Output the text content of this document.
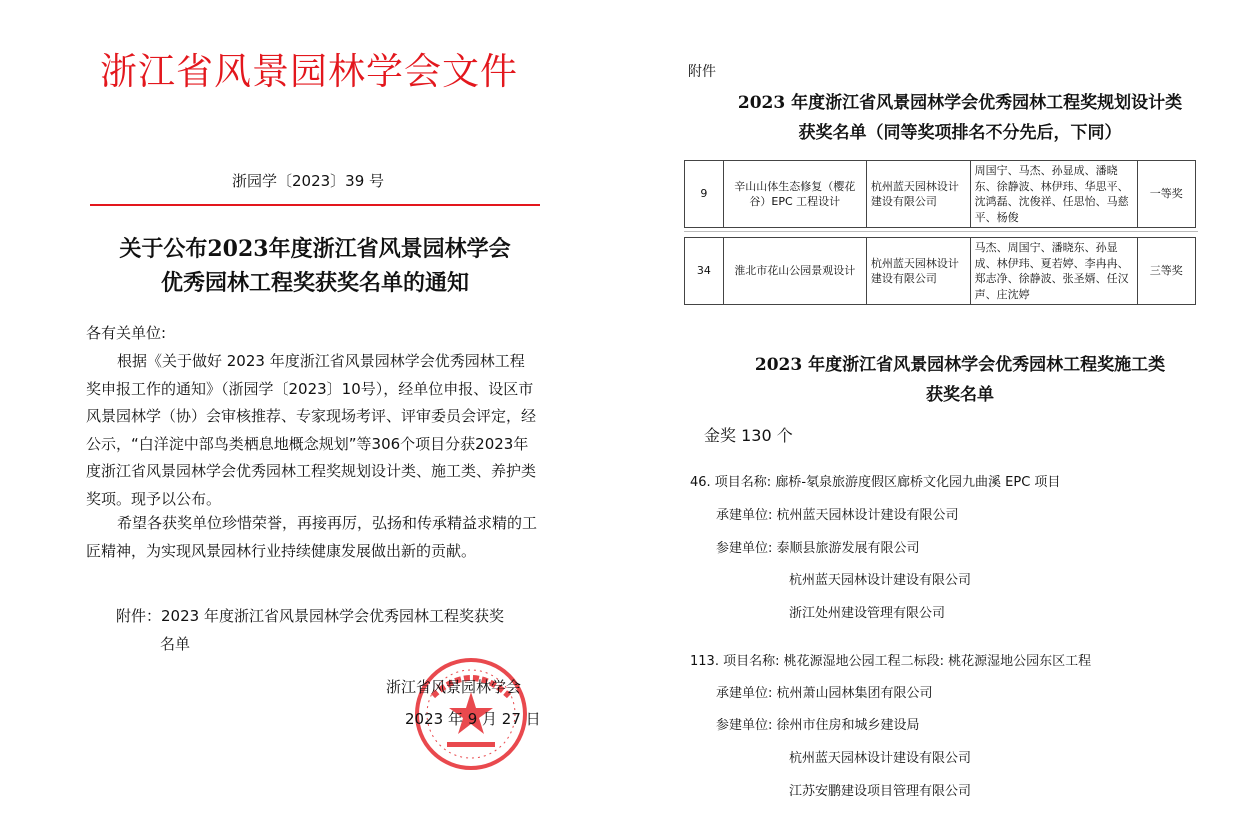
浙江省风景园林学会文件
浙园学〔2023〕39 号
关于公布2023年度浙江省风景园林学会
优秀园林工程奖获奖名单的通知
各有关单位:
根据《关于做好 2023 年度浙江省风景园林学会优秀园林工程奖申报工作的通知》（浙园学〔2023〕10号），经单位申报、设区市风景园林学（协）会审核推荐、专家现场考评、评审委员会评定，经公示，“白洋淀中部鸟类栖息地概念规划”等306个项目分获2023年度浙江省风景园林学会优秀园林工程奖规划设计类、施工类、养护类奖项。现予以公布。
希望各获奖单位珍惜荣誉，再接再厉，弘扬和传承精益求精的工匠精神，为实现风景园林行业持续健康发展做出新的贡献。
附件：2023 年度浙江省风景园林学会优秀园林工程奖获奖
名单
浙江省风景园林学会
2023 年 9 月 27 日
附件
2023 年度浙江省风景园林学会优秀园林工程奖规划设计类
获奖名单（同等奖项排名不分先后，下同）
9	辛山山体生态修复（樱花谷）EPC 工程设计	杭州蓝天园林设计建设有限公司	周国宁、马杰、孙显成、潘晓东、徐静波、林伊玮、华思平、沈鸿磊、沈俊祥、任思怡、马慈平、杨俊	一等奖
34	淮北市花山公园景观设计	杭州蓝天园林设计建设有限公司	马杰、周国宁、潘晓东、孙显成、林伊玮、夏若婷、李冉冉、郑志净、徐静波、张圣婿、任汉声、庄沈婷	三等奖
2023 年度浙江省风景园林学会优秀园林工程奖施工类
获奖名单
金奖 130 个
46. 项目名称: 廊桥-氡泉旅游度假区廊桥文化园九曲溪 EPC 项目
承建单位: 杭州蓝天园林设计建设有限公司
参建单位: 泰顺县旅游发展有限公司
杭州蓝天园林设计建设有限公司
浙江处州建设管理有限公司
113. 项目名称: 桃花源湿地公园工程二标段: 桃花源湿地公园东区工程
承建单位: 杭州萧山园林集团有限公司
参建单位: 徐州市住房和城乡建设局
杭州蓝天园林设计建设有限公司
江苏安鹏建设项目管理有限公司
